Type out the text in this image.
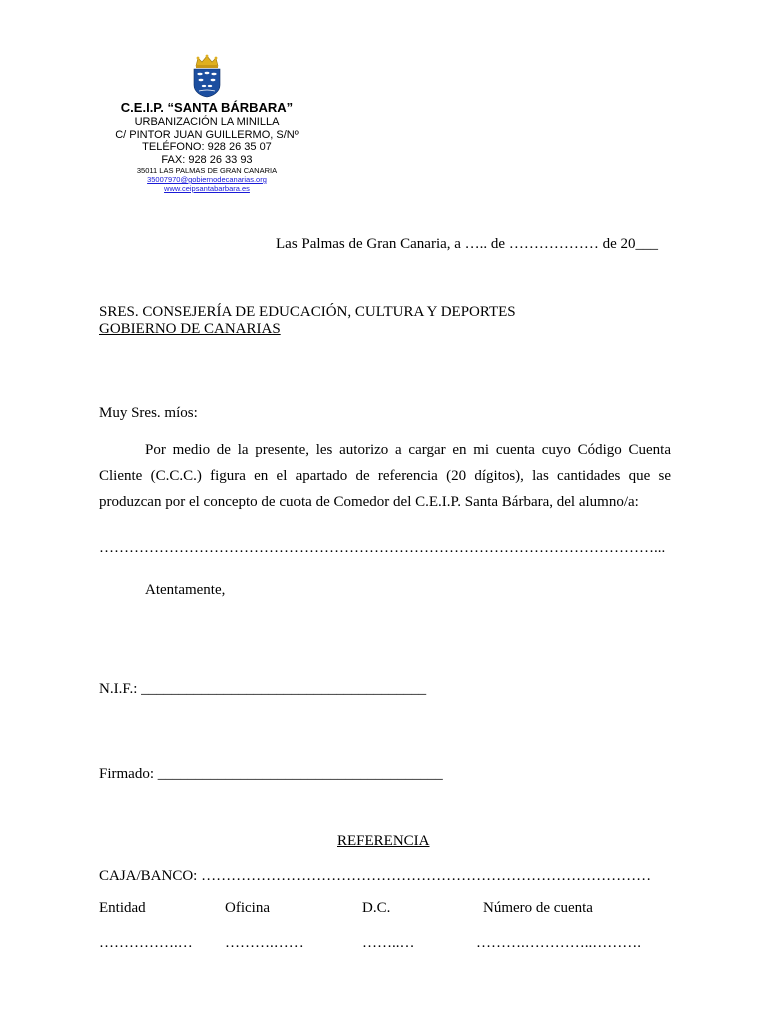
C.E.I.P. “SANTA BÁRBARA”
URBANIZACIÓN LA MINILLA
C/ PINTOR JUAN GUILLERMO, S/Nº
TELÉFONO: 928 26 35 07
FAX: 928 26 33 93
35011 LAS PALMAS DE GRAN CANARIA
35007970@gobiernodecanarias.org
www.ceipsantabarbara.es
Las Palmas de Gran Canaria, a ….. de ……………… de 20___
SRES. CONSEJERÍA DE EDUCACIÓN, CULTURA Y DEPORTES
GOBIERNO DE CANARIAS
Muy Sres. míos:
Por medio de la presente, les autorizo a cargar en mi cuenta cuyo Código Cuenta Cliente (C.C.C.) figura en el apartado de referencia (20 dígitos), las cantidades que se produzcan por el concepto de cuota de Comedor del C.E.I.P. Santa Bárbara, del alumno/a:
…………………………………………………………………………………………………...
Atentamente,
N.I.F.: ______________________________________
Firmado: ______________________________________
REFERENCIA
CAJA/BANCO: ………………………………………………………………………………
Entidad	Oficina	D.C.	Número de cuenta
…………….… ……….……	……..…	……….…………..……….
